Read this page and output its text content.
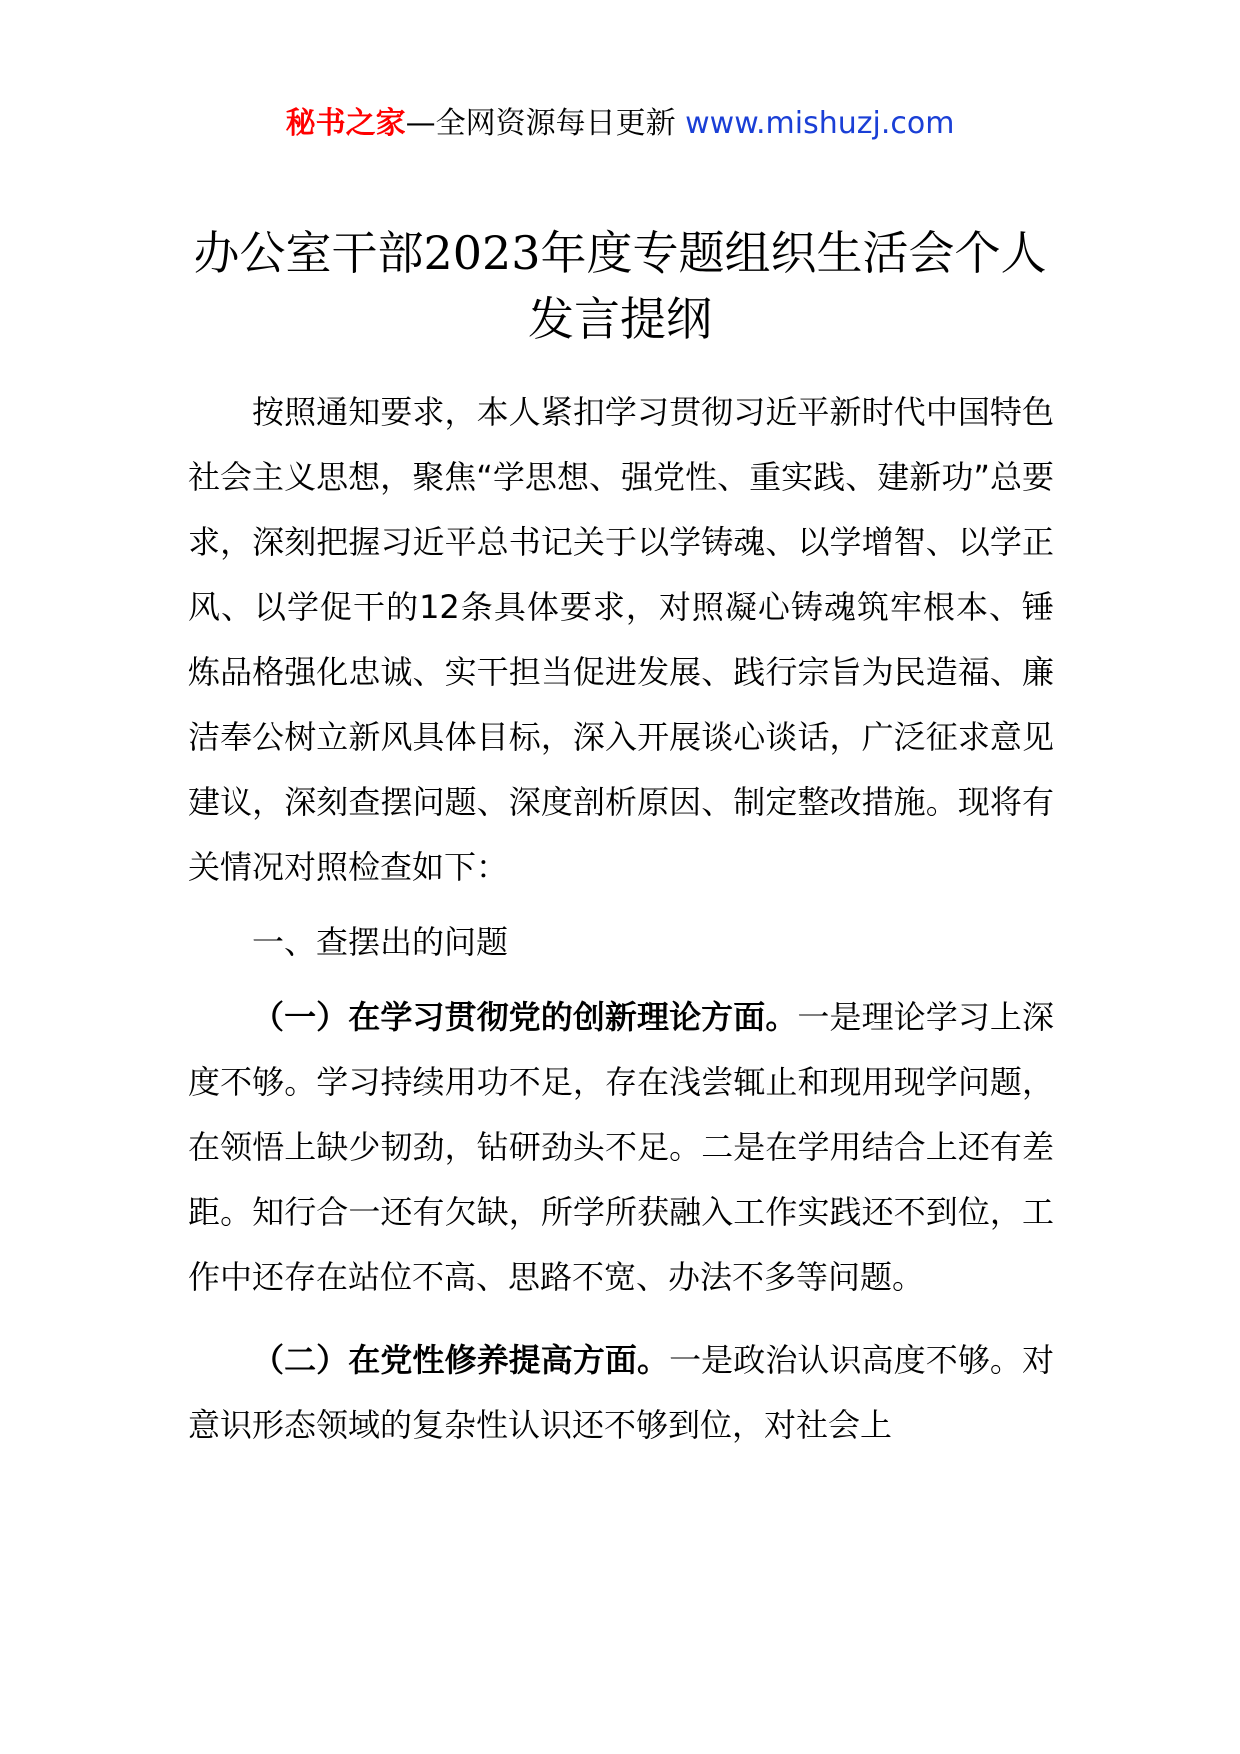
秘书之家—全网资源每日更新 www.mishuzj.com
办公室干部2023年度专题组织生活会个人发言提纲

按照通知要求，本人紧扣学习贯彻习近平新时代中国特色社会主义思想，聚焦“学思想、强党性、重实践、建新功”总要求，深刻把握习近平总书记关于以学铸魂、以学增智、以学正风、以学促干的12条具体要求，对照凝心铸魂筑牢根本、锤炼品格强化忠诚、实干担当促进发展、践行宗旨为民造福、廉洁奉公树立新风具体目标，深入开展谈心谈话，广泛征求意见建议，深刻查摆问题、深度剖析原因、制定整改措施。现将有关情况对照检查如下：

一、查摆出的问题

（一）在学习贯彻党的创新理论方面。一是理论学习上深度不够。学习持续用功不足，存在浅尝辄止和现用现学问题，在领悟上缺少韧劲，钻研劲头不足。二是在学用结合上还有差距。知行合一还有欠缺，所学所获融入工作实践还不到位，工作中还存在站位不高、思路不宽、办法不多等问题。

（二）在党性修养提高方面。一是政治认识高度不够。对意识形态领域的复杂性认识还不够到位，对社会上
